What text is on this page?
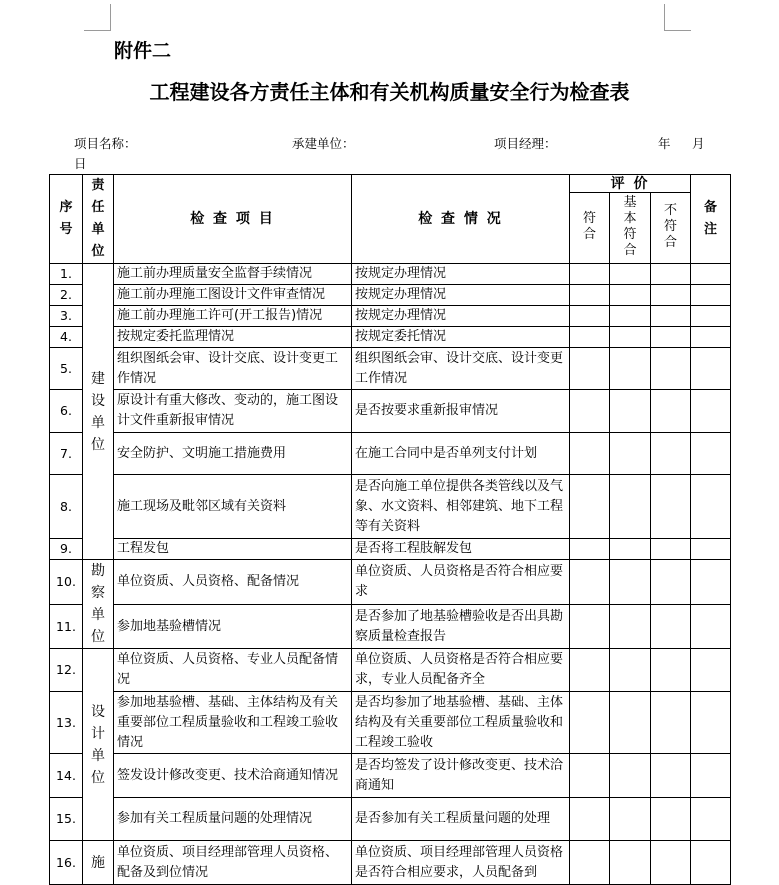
附件二
工程建设各方责任主体和有关机构质量安全行为检查表
项目名称：	承建单位：	项目经理：	年 月
日
序号	责任单位	检 查 项 目	检 查 情 况	评 价			备注
				符合	基本符合	不符合	
1.	建设单位	施工前办理质量安全监督手续情况	按规定办理情况				
2.		施工前办理施工图设计文件审查情况	按规定办理情况				
3.		施工前办理施工许可(开工报告)情况	按规定办理情况				
4.		按规定委托监理情况	按规定委托情况				
5.		组织图纸会审、设计交底、设计变更工作情况	组织图纸会审、设计交底、设计变更工作情况				
6.		原设计有重大修改、变动的，施工图设计文件重新报审情况	是否按要求重新报审情况				
7.		安全防护、文明施工措施费用	在施工合同中是否单列支付计划				
8.		施工现场及毗邻区域有关资料	是否向施工单位提供各类管线以及气象、水文资料、相邻建筑、地下工程等有关资料				
9.		工程发包	是否将工程肢解发包				
10.	勘察单位	单位资质、人员资格、配备情况	单位资质、人员资格是否符合相应要求				
11.		参加地基验槽情况	是否参加了地基验槽验收是否出具勘察质量检查报告				
12.	设计单位	单位资质、人员资格、专业人员配备情况	单位资质、人员资格是否符合相应要求，专业人员配备齐全				
13.		参加地基验槽、基础、主体结构及有关重要部位工程质量验收和工程竣工验收情况	是否均参加了地基验槽、基础、主体结构及有关重要部位工程质量验收和工程竣工验收				
14.		签发设计修改变更、技术洽商通知情况	是否均签发了设计修改变更、技术洽商通知				
15.		参加有关工程质量问题的处理情况	是否参加有关工程质量问题的处理				
16.	施	单位资质、项目经理部管理人员资格、配备及到位情况	单位资质、项目经理部管理人员资格是否符合相应要求，人员配备到				
